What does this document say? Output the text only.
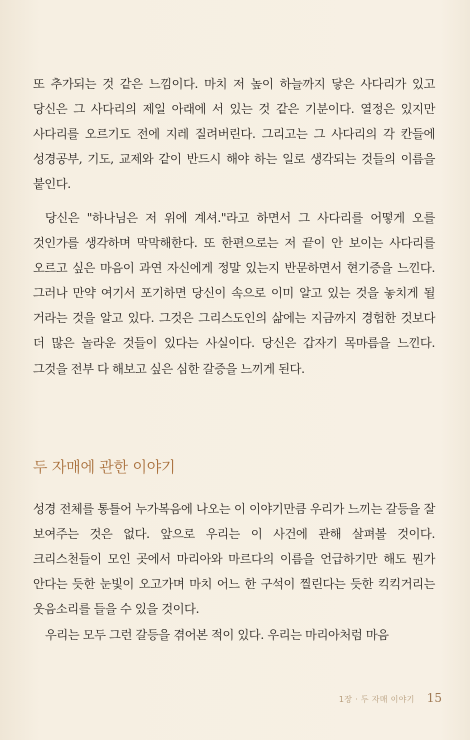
또 추가되는 것 같은 느낌이다. 마치 저 높이 하늘까지 닿은 사다리가 있고 당신은 그 사다리의 제일 아래에 서 있는 것 같은 기분이다. 열정은 있지만 사다리를 오르기도 전에 지레 질려버린다. 그리고는 그 사다리의 각 칸들에 성경공부, 기도, 교제와 같이 반드시 해야 하는 일로 생각되는 것들의 이름을 붙인다.

당신은 "하나님은 저 위에 계셔."라고 하면서 그 사다리를 어떻게 오를 것인가를 생각하며 막막해한다. 또 한편으로는 저 끝이 안 보이는 사다리를 오르고 싶은 마음이 과연 자신에게 정말 있는지 반문하면서 현기증을 느낀다. 그러나 만약 여기서 포기하면 당신이 속으로 이미 알고 있는 것을 놓치게 될 거라는 것을 알고 있다. 그것은 그리스도인의 삶에는 지금까지 경험한 것보다 더 많은 놀라운 것들이 있다는 사실이다. 당신은 갑자기 목마름을 느낀다. 그것을 전부 다 해보고 싶은 심한 갈증을 느끼게 된다.

두 자매에 관한 이야기

성경 전체를 통틀어 누가복음에 나오는 이 이야기만큼 우리가 느끼는 갈등을 잘 보여주는 것은 없다. 앞으로 우리는 이 사건에 관해 살펴볼 것이다. 크리스천들이 모인 곳에서 마리아와 마르다의 이름을 언급하기만 해도 뭔가 안다는 듯한 눈빛이 오고가며 마치 어느 한 구석이 찔린다는 듯한 킥킥거리는 웃음소리를 들을 수 있을 것이다.

우리는 모두 그런 갈등을 겪어본 적이 있다. 우리는 마리아처럼 마음

1장 · 두 자매 이야기 15
